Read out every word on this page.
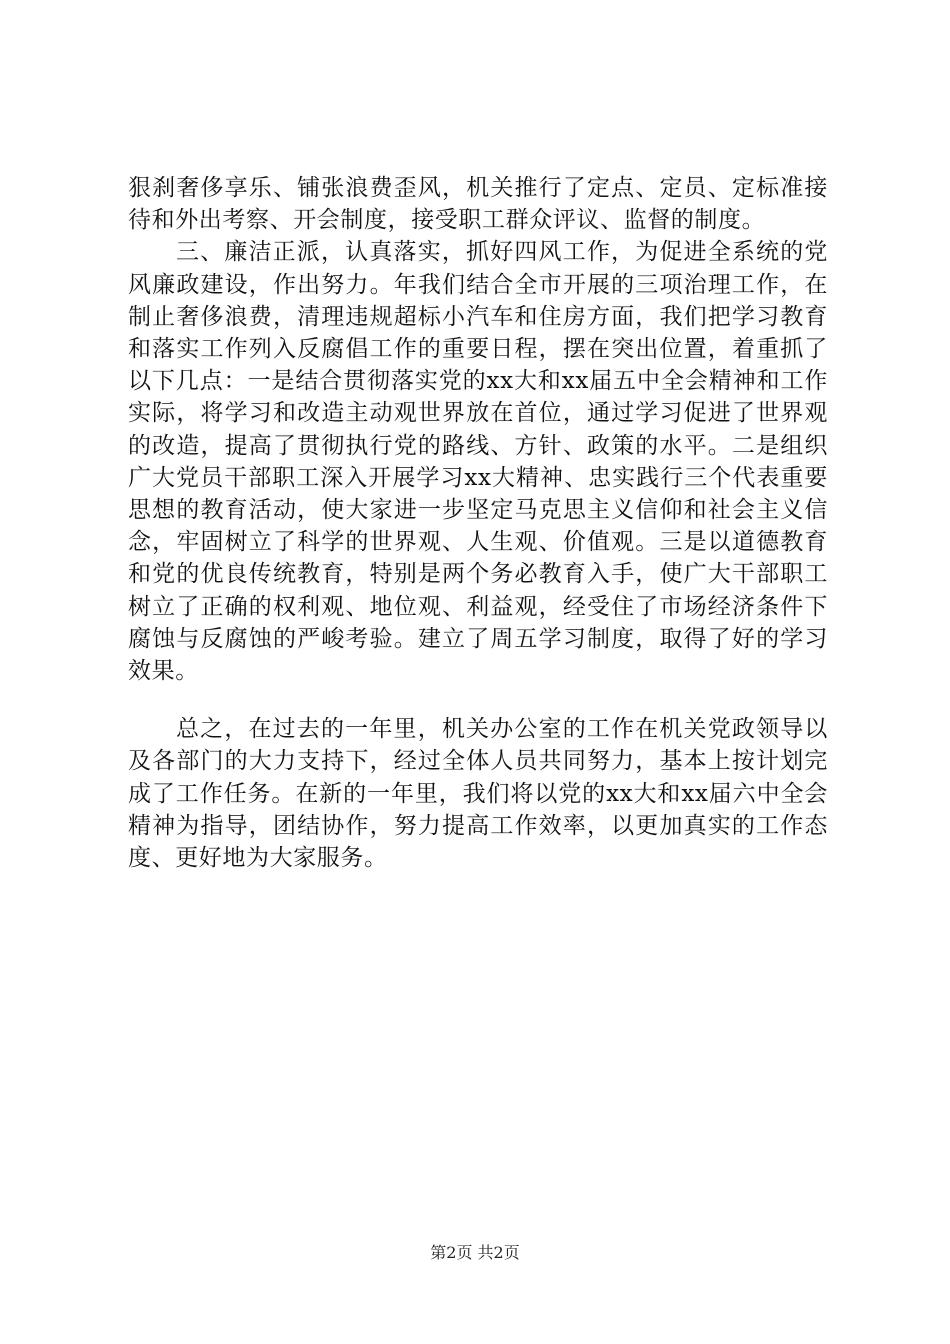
狠刹奢侈享乐、铺张浪费歪风，机关推行了定点、定员、定标准接待和外出考察、开会制度，接受职工群众评议、监督的制度。

三、廉洁正派，认真落实，抓好四风工作，为促进全系统的党风廉政建设，作出努力。年我们结合全市开展的三项治理工作，在制止奢侈浪费，清理违规超标小汽车和住房方面，我们把学习教育和落实工作列入反腐倡工作的重要日程，摆在突出位置，着重抓了以下几点：一是结合贯彻落实党的xx大和xx届五中全会精神和工作实际，将学习和改造主动观世界放在首位，通过学习促进了世界观的改造，提高了贯彻执行党的路线、方针、政策的水平。二是组织广大党员干部职工深入开展学习xx大精神、忠实践行三个代表重要思想的教育活动，使大家进一步坚定马克思主义信仰和社会主义信念，牢固树立了科学的世界观、人生观、价值观。三是以道德教育和党的优良传统教育，特别是两个务必教育入手，使广大干部职工树立了正确的权利观、地位观、利益观，经受住了市场经济条件下腐蚀与反腐蚀的严峻考验。建立了周五学习制度，取得了好的学习效果。

总之，在过去的一年里，机关办公室的工作在机关党政领导以及各部门的大力支持下，经过全体人员共同努力，基本上按计划完成了工作任务。在新的一年里，我们将以党的xx大和xx届六中全会精神为指导，团结协作，努力提高工作效率，以更加真实的工作态度、更好地为大家服务。

第2页 共2页
